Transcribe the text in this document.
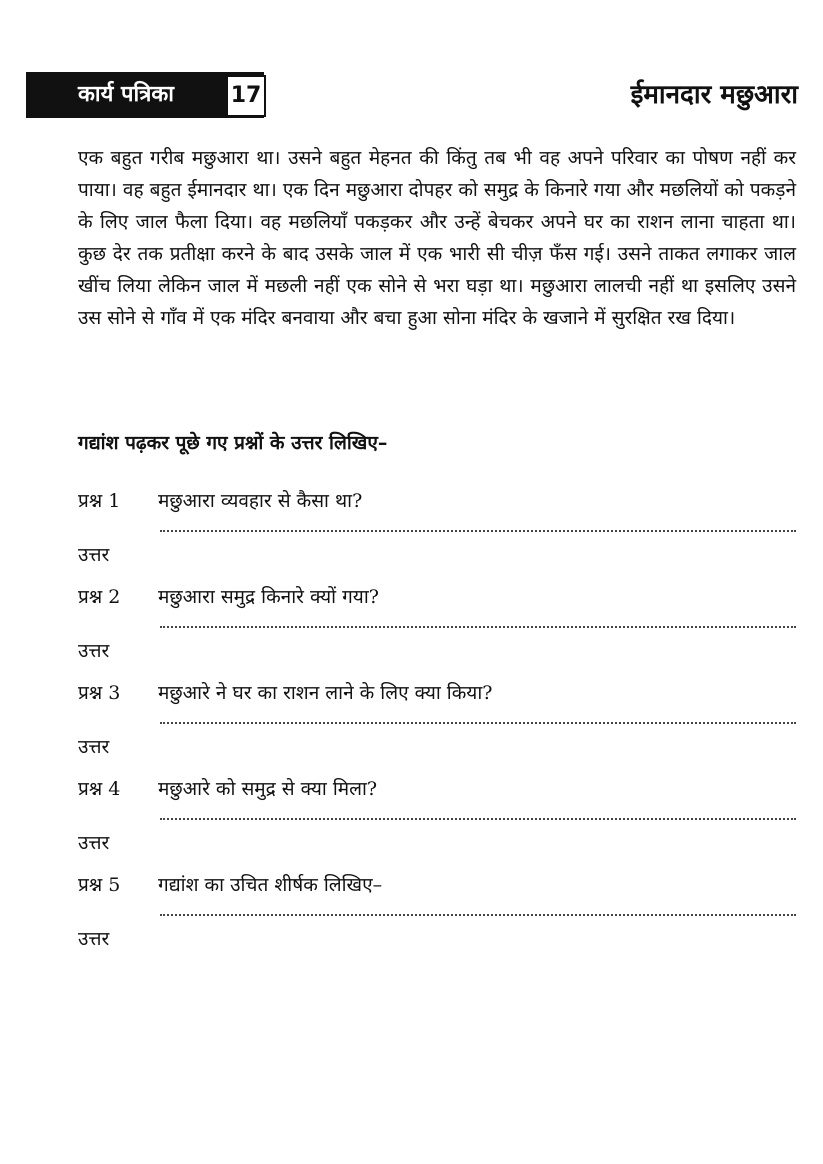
कार्य पत्रिका	17	ईमानदार मछुआरा

एक बहुत गरीब मछुआरा था। उसने बहुत मेहनत की किंतु तब भी वह अपने परिवार का पोषण नहीं कर पाया। वह बहुत ईमानदार था। एक दिन मछुआरा दोपहर को समुद्र के किनारे गया और मछलियों को पकड़ने के लिए जाल फैला दिया। वह मछलियाँ पकड़कर और उन्हें बेचकर अपने घर का राशन लाना चाहता था। कुछ देर तक प्रतीक्षा करने के बाद उसके जाल में एक भारी सी चीज़ फँस गई। उसने ताकत लगाकर जाल खींच लिया लेकिन जाल में मछली नहीं एक सोने से भरा घड़ा था। मछुआरा लालची नहीं था इसलिए उसने उस सोने से गाँव में एक मंदिर बनवाया और बचा हुआ सोना मंदिर के खजाने में सुरक्षित रख दिया।

गद्यांश पढ़कर पूछे गए प्रश्नों के उत्तर लिखिए–
प्रश्न 1 मछुआरा व्यवहार से कैसा था?
उत्तर
प्रश्न 2 मछुआरा समुद्र किनारे क्यों गया?
उत्तर
प्रश्न 3 मछुआरे ने घर का राशन लाने के लिए क्या किया?
उत्तर
प्रश्न 4 मछुआरे को समुद्र से क्या मिला?
उत्तर
प्रश्न 5 गद्यांश का उचित शीर्षक लिखिए–
उत्तर
